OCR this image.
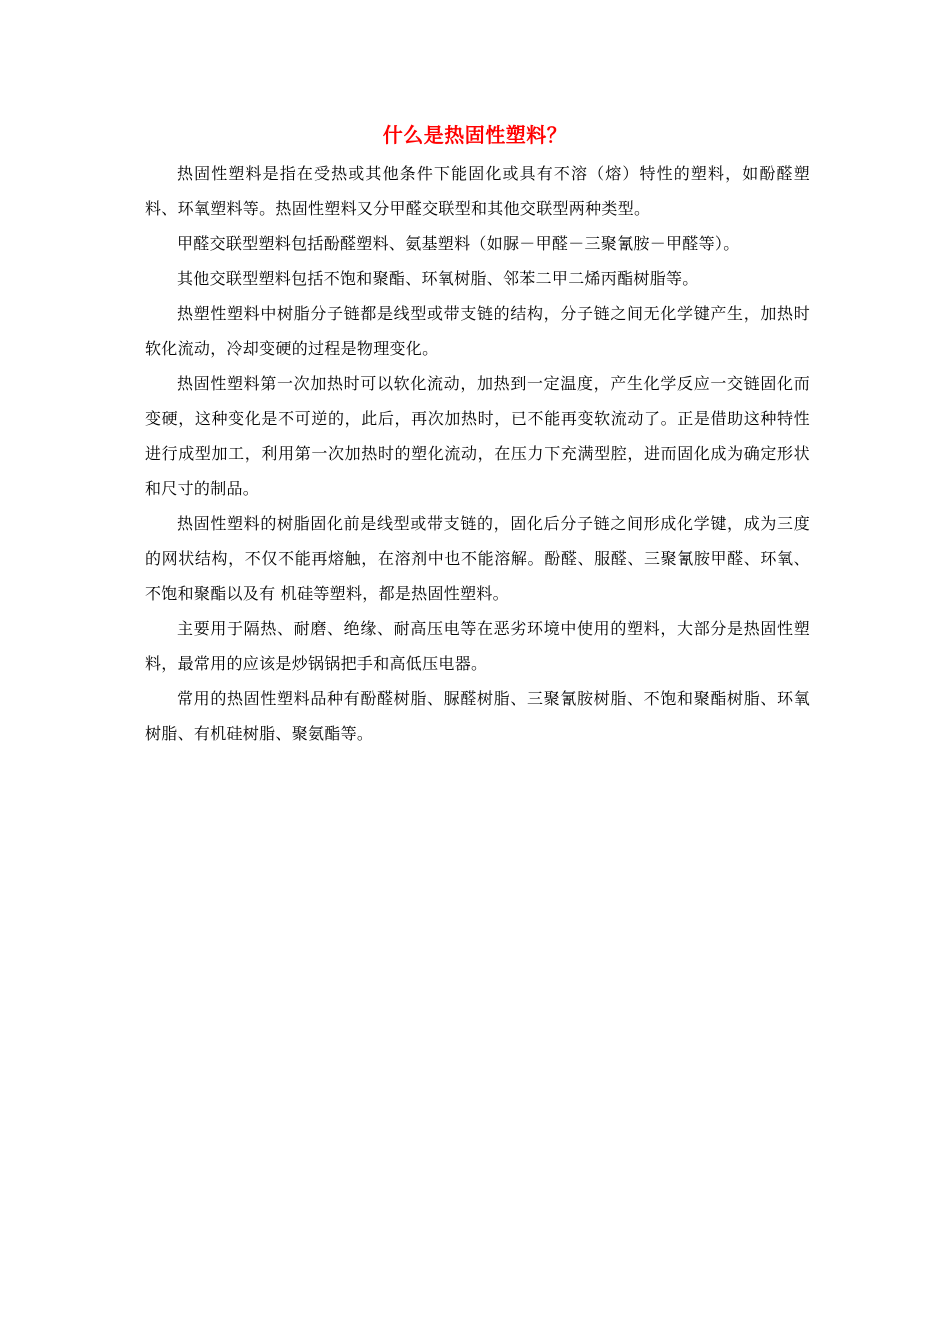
什么是热固性塑料？

热固性塑料是指在受热或其他条件下能固化或具有不溶（熔）特性的塑料，如酚醛塑料、环氧塑料等。热固性塑料又分甲醛交联型和其他交联型两种类型。

甲醛交联型塑料包括酚醛塑料、氨基塑料（如脲－甲醛－三聚氰胺－甲醛等）。

其他交联型塑料包括不饱和聚酯、环氧树脂、邻苯二甲二烯丙酯树脂等。

热塑性塑料中树脂分子链都是线型或带支链的结构，分子链之间无化学键产生，加热时软化流动，冷却变硬的过程是物理变化。

热固性塑料第一次加热时可以软化流动，加热到一定温度，产生化学反应一交链固化而变硬，这种变化是不可逆的，此后，再次加热时，已不能再变软流动了。正是借助这种特性进行成型加工，利用第一次加热时的塑化流动，在压力下充满型腔，进而固化成为确定形状和尺寸的制品。

热固性塑料的树脂固化前是线型或带支链的，固化后分子链之间形成化学键，成为三度的网状结构，不仅不能再熔触，在溶剂中也不能溶解。酚醛、服醛、三聚氰胺甲醛、环氧、不饱和聚酯以及有 机硅等塑料，都是热固性塑料。

主要用于隔热、耐磨、绝缘、耐高压电等在恶劣环境中使用的塑料，大部分是热固性塑料，最常用的应该是炒锅锅把手和高低压电器。

常用的热固性塑料品种有酚醛树脂、脲醛树脂、三聚氰胺树脂、不饱和聚酯树脂、环氧树脂、有机硅树脂、聚氨酯等。
